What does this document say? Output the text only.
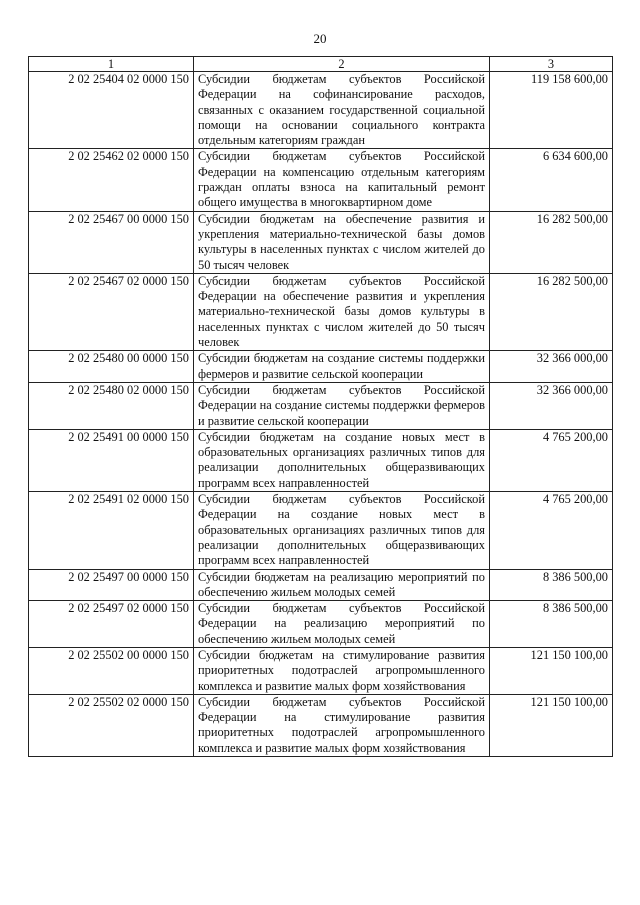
20
1	2	3
2 02 25404 02 0000 150	Субсидии бюджетам субъектов Российской Федерации на софинансирование расходов, связанных с оказанием государственной социальной помощи на основании социального контракта отдельным категориям граждан	119 158 600,00
2 02 25462 02 0000 150	Субсидии бюджетам субъектов Российской Федерации на компенсацию отдельным категориям граждан оплаты взноса на капитальный ремонт общего имущества в многоквартирном доме	6 634 600,00
2 02 25467 00 0000 150	Субсидии бюджетам на обеспечение развития и укрепления материально-технической базы домов культуры в населенных пунктах с числом жителей до 50 тысяч человек	16 282 500,00
2 02 25467 02 0000 150	Субсидии бюджетам субъектов Российской Федерации на обеспечение развития и укрепления материально-технической базы домов культуры в населенных пунктах с числом жителей до 50 тысяч человек	16 282 500,00
2 02 25480 00 0000 150	Субсидии бюджетам на создание системы поддержки фермеров и развитие сельской кооперации	32 366 000,00
2 02 25480 02 0000 150	Субсидии бюджетам субъектов Российской Федерации на создание системы поддержки фермеров и развитие сельской кооперации	32 366 000,00
2 02 25491 00 0000 150	Субсидии бюджетам на создание новых мест в образовательных организациях различных типов для реализации дополнительных общеразвивающих программ всех направленностей	4 765 200,00
2 02 25491 02 0000 150	Субсидии бюджетам субъектов Российской Федерации на создание новых мест в образовательных организациях различных типов для реализации дополнительных общеразвивающих программ всех направленностей	4 765 200,00
2 02 25497 00 0000 150	Субсидии бюджетам на реализацию мероприятий по обеспечению жильем молодых семей	8 386 500,00
2 02 25497 02 0000 150	Субсидии бюджетам субъектов Российской Федерации на реализацию мероприятий по обеспечению жильем молодых семей	8 386 500,00
2 02 25502 00 0000 150	Субсидии бюджетам на стимулирование развития приоритетных подотраслей агропромышленного комплекса и развитие малых форм хозяйствования	121 150 100,00
2 02 25502 02 0000 150	Субсидии бюджетам субъектов Российской Федерации на стимулирование развития приоритетных подотраслей агропромышленного комплекса и развитие малых форм хозяйствования	121 150 100,00
